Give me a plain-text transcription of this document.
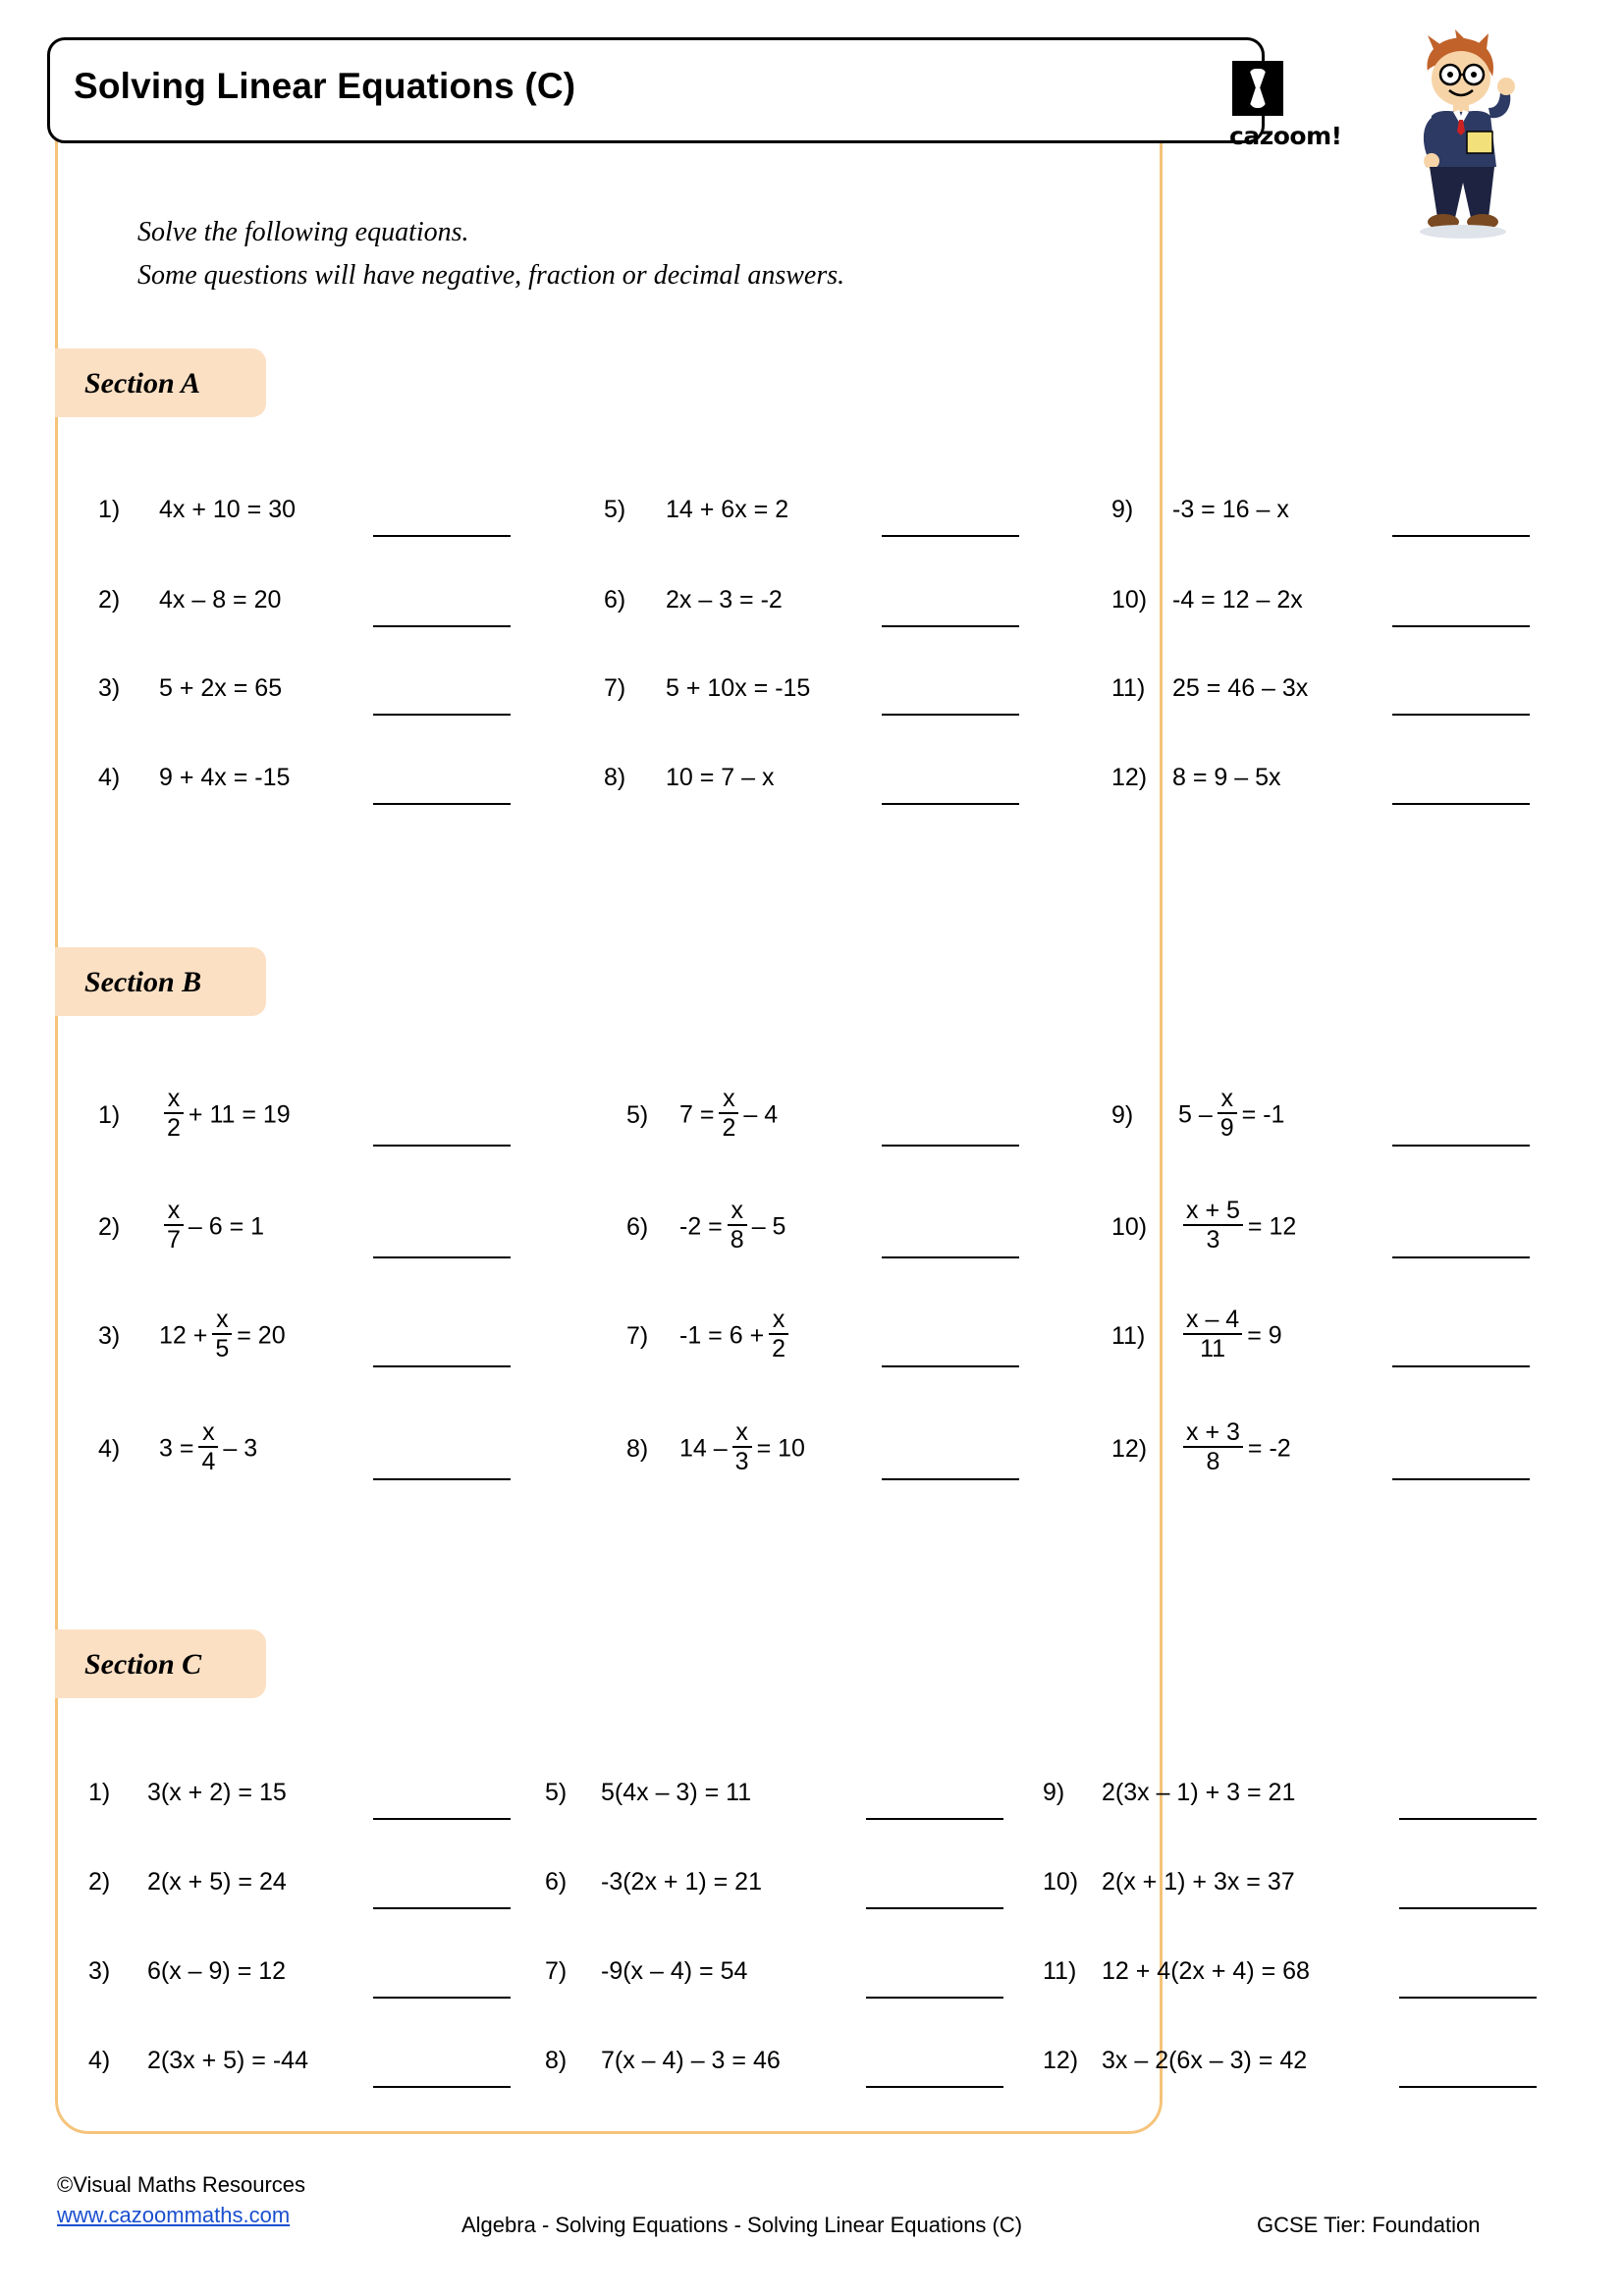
Solving Linear Equations (C)
cazoom!
Solve the following equations.
Some questions will have negative, fraction or decimal answers.
Section A
1) 4x + 10 = 30
2) 4x – 8 = 20
3) 5 + 2x = 65
4) 9 + 4x = -15
5) 14 + 6x = 2
6) 2x – 3 = -2
7) 5 + 10x = -15
8) 10 = 7 – x
9) -3 = 16 – x
10) -4 = 12 – 2x
11) 25 = 46 – 3x
12) 8 = 9 – 5x
Section B
$1) \frac{x}{2} + 11 = 19$
$2) \frac{x}{7} - 6 = 1$
3) $12 + \frac{x}{5} = 20$
4) $3 = \frac{x}{4} - 3$
5) $7 = \frac{x}{2} - 4$
6) $-2 = \frac{x}{8} - 5$
7) $-1 = 6 + \frac{x}{2}$
8) $14 - \frac{x}{3} = 10$
9) $5 - \frac{x}{9} = -1$
$10) \frac{x + 5}{3} = 12$
$11) \frac{x - 4}{11} = 9$
$12) \frac{x + 3}{8} = -2$
Section C
1) 3(x + 2) = 15
2) 2(x + 5) = 24
3) 6(x – 9) = 12
4) 2(3x + 5) = -44
5) 5(4x – 3) = 11
6) -3(2x + 1) = 21
7) -9(x – 4) = 54
8) 7(x – 4) – 3 = 46
9) 2(3x – 1) + 3 = 21
10) 2(x + 1) + 3x = 37
11) 12 + 4(2x + 4) = 68
12) 3x – 2(6x – 3) = 42
©Visual Maths Resources
www.cazoommaths.com	Algebra - Solving Equations - Solving Linear Equations (C)	GCSE Tier: Foundation
